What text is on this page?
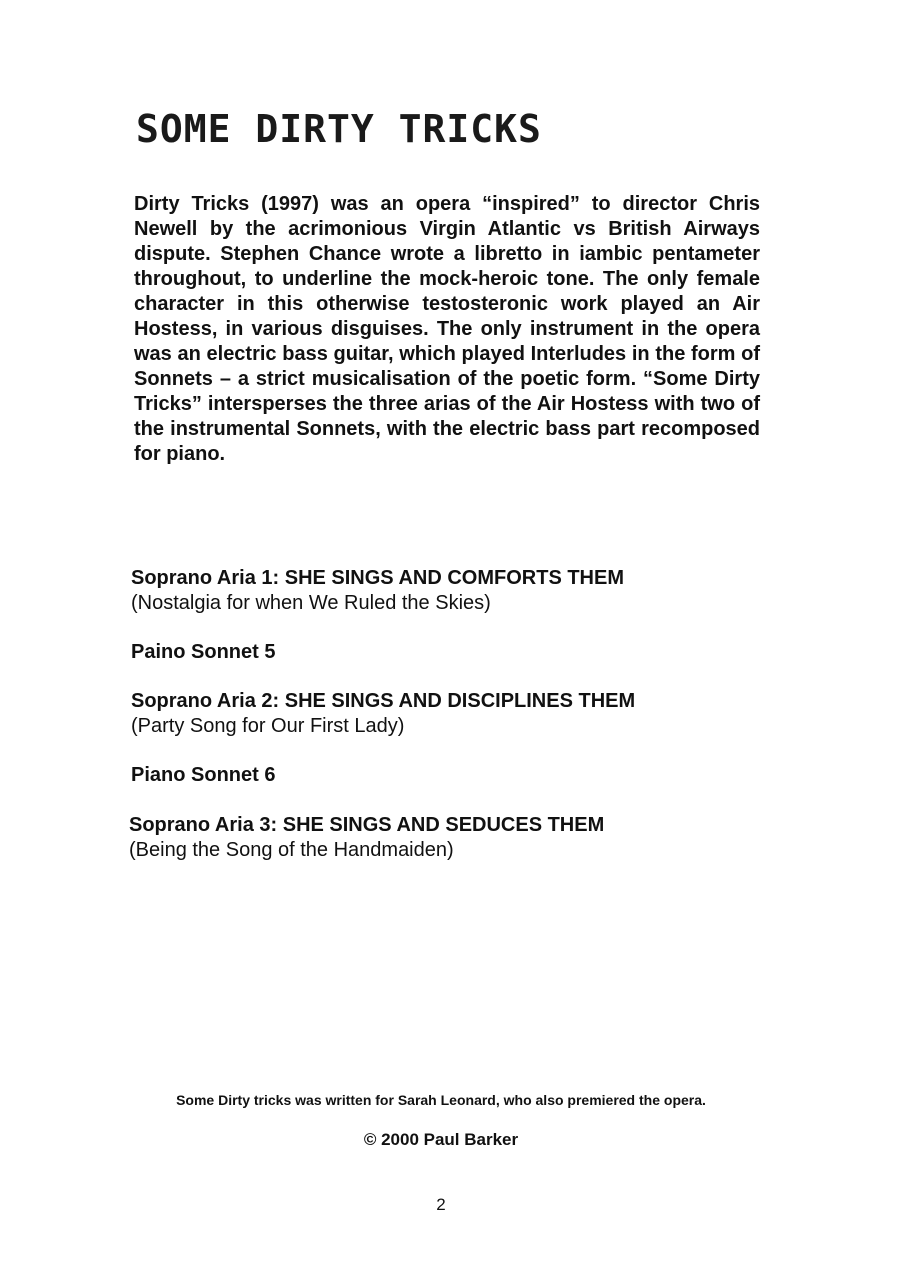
SOME DIRTY TRICKS

Dirty Tricks (1997) was an opera “inspired” to director Chris Newell by the acrimonious Virgin Atlantic vs British Airways dispute. Stephen Chance wrote a libretto in iambic pentameter throughout, to underline the mock-heroic tone. The only female character in this otherwise testosteronic work played an Air Hostess, in various disguises. The only instrument in the opera was an electric bass guitar, which played Interludes in the form of Sonnets – a strict musicalisation of the poetic form. “Some Dirty Tricks” intersperses the three arias of the Air Hostess with two of the instrumental Sonnets, with the electric bass part recomposed for piano.

Soprano Aria 1: SHE SINGS AND COMFORTS THEM
(Nostalgia for when We Ruled the Skies)
Paino Sonnet 5
Soprano Aria 2: SHE SINGS AND DISCIPLINES THEM
(Party Song for Our First Lady)
Piano Sonnet 6
Soprano Aria 3: SHE SINGS AND SEDUCES THEM
(Being the Song of the Handmaiden)

Some Dirty tricks was written for Sarah Leonard, who also premiered the opera.

© 2000 Paul Barker

2
